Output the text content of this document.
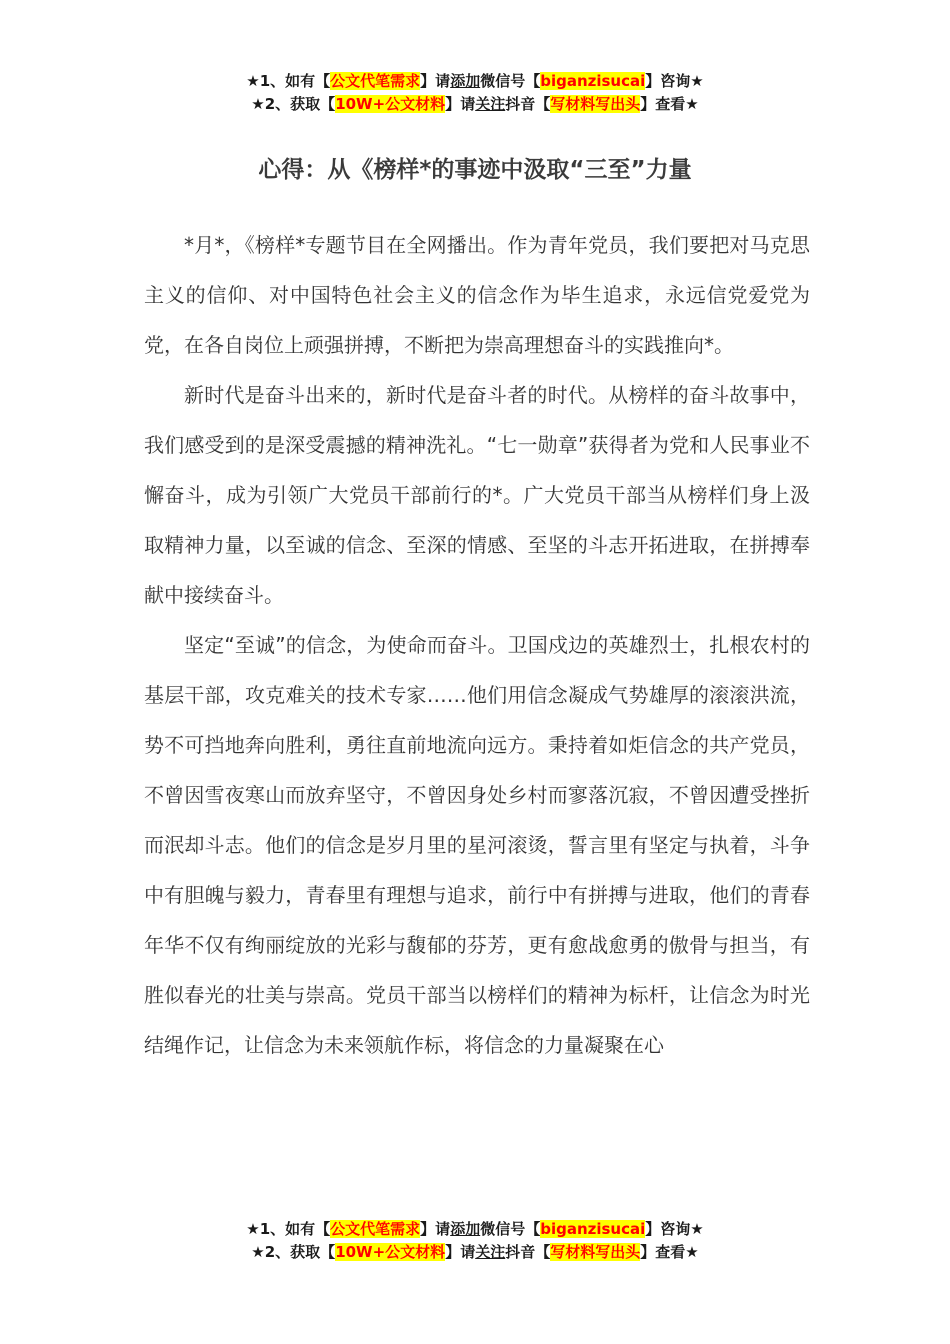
★1、如有【公文代笔需求】请添加微信号【biganzisucai】咨询★
★2、获取【10W+公文材料】请关注抖音【写材料写出头】查看★
心得：从《榜样*的事迹中汲取“三至”力量

*月*，《榜样*专题节目在全网播出。作为青年党员，我们要把对马克思主义的信仰、对中国特色社会主义的信念作为毕生追求，永远信党爱党为党，在各自岗位上顽强拼搏，不断把为崇高理想奋斗的实践推向*。

新时代是奋斗出来的，新时代是奋斗者的时代。从榜样的奋斗故事中，我们感受到的是深受震撼的精神洗礼。“七一勋章”获得者为党和人民事业不懈奋斗，成为引领广大党员干部前行的*。广大党员干部当从榜样们身上汲取精神力量，以至诚的信念、至深的情感、至坚的斗志开拓进取，在拼搏奉献中接续奋斗。

坚定“至诚”的信念，为使命而奋斗。卫国戍边的英雄烈士，扎根农村的基层干部，攻克难关的技术专家……他们用信念凝成气势雄厚的滚滚洪流，势不可挡地奔向胜利，勇往直前地流向远方。秉持着如炬信念的共产党员，不曾因雪夜寒山而放弃坚守，不曾因身处乡村而寥落沉寂，不曾因遭受挫折而泯却斗志。他们的信念是岁月里的星河滚烫，誓言里有坚定与执着，斗争中有胆魄与毅力，青春里有理想与追求，前行中有拼搏与进取，他们的青春年华不仅有绚丽绽放的光彩与馥郁的芬芳，更有愈战愈勇的傲骨与担当，有胜似春光的壮美与崇高。党员干部当以榜样们的精神为标杆，让信念为时光结绳作记，让信念为未来领航作标，将信念的力量凝聚在心

★1、如有【公文代笔需求】请添加微信号【biganzisucai】咨询★
★2、获取【10W+公文材料】请关注抖音【写材料写出头】查看★
